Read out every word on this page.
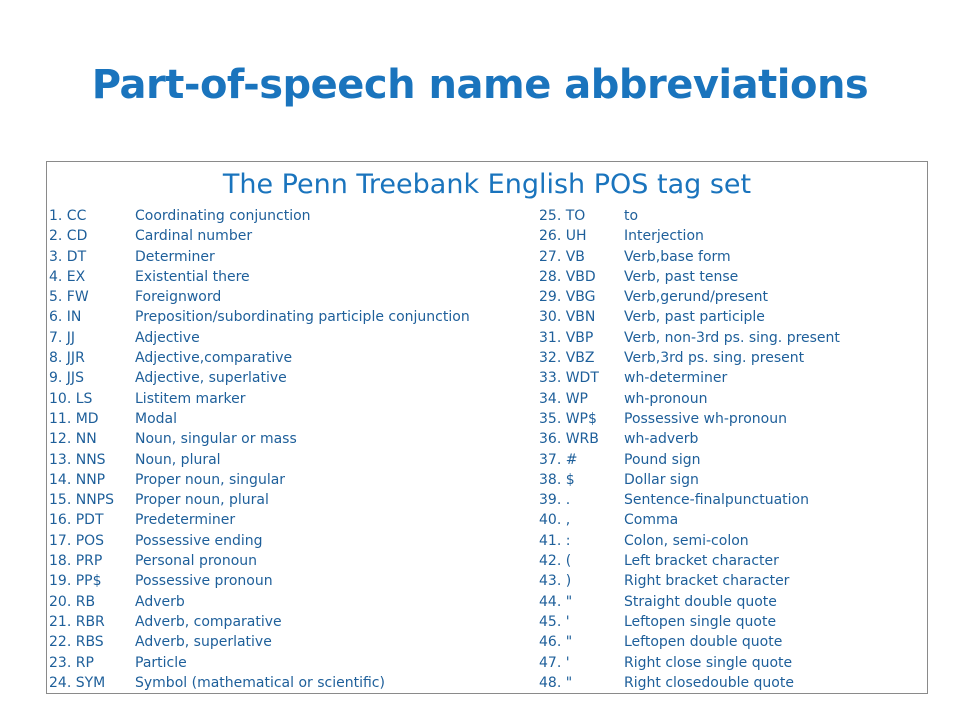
Part-of-speech name abbreviations
The Penn Treebank English POS tag set
1. CC	Coordinating conjunction	25. TO	to
2. CD	Cardinal number	26. UH	Interjection
3. DT	Determiner	27. VB	Verb,base form
4. EX	Existential there	28. VBD Verb, past tense
5. FW	Foreignword	29. VBG Verb,gerund/present
6. IN	Preposition/subordinating participle conjunction	30. VBN Verb, past participle
7. JJ	Adjective	31. VBP Verb, non-3rd ps. sing. present
8. JJR	Adjective,comparative	32. VBZ Verb,3rd ps. sing. present
9. JJS	Adjective, superlative	33. WDT wh-determiner
10. LS	Listitem marker	34. WP	wh-pronoun
11. MD	Modal	35. WP$ Possessive wh-pronoun
12. NN	Noun, singular or mass	36. WRB wh-adverb
13. NNS Noun, plural	37. #	Pound sign
14. NNP Proper noun, singular	38. $	Dollar sign
15. NNPS Proper noun, plural	39. .	Sentence-finalpunctuation
16. PDT Predeterminer	40. ,	Comma
17. POS Possessive ending	41. :	Colon, semi-colon
18. PRP Personal pronoun	42. (	Left bracket character
19. PP$ Possessive pronoun	43. )	Right bracket character
20. RB	Adverb	44. "	Straight double quote
21. RBR Adverb, comparative	45. '	Leftopen single quote
22. RBS Adverb, superlative	46. "	Leftopen double quote
23. RP	Particle	47. '	Right close single quote
24. SYM Symbol (mathematical or scientific)	48. "	Right closedouble quote
